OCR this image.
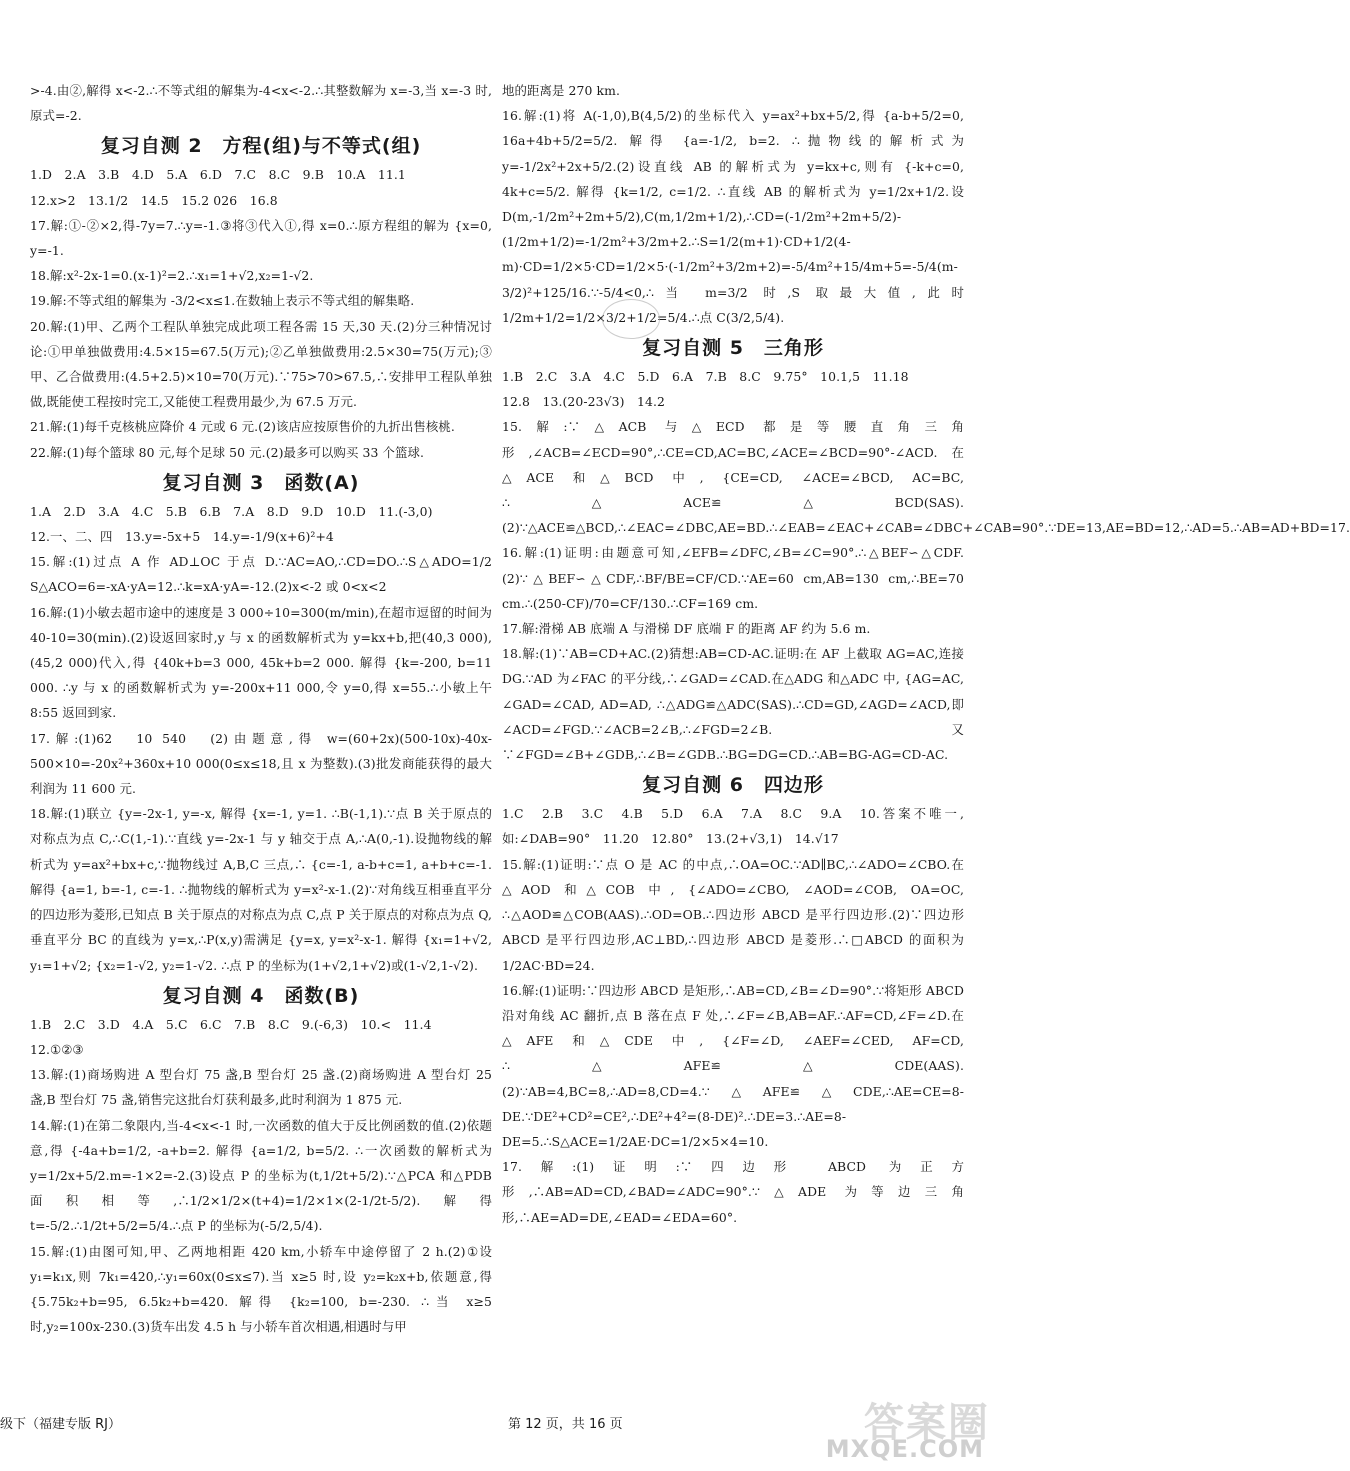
>-4.由②,解得 x<-2.∴不等式组的解集为-4<x<-2.∴其整数解为 x=-3,当 x=-3 时,原式=-2.

复习自测 2　方程(组)与不等式(组)

1.D　2.A　3.B　4.D　5.A　6.D　7.C　8.C　9.B　10.A　11.1

12.x>2　13.1/2　14.5　15.2 026　16.8

17.解:①-②×2,得-7y=7.∴y=-1.③将③代入①,得 x=0.∴原方程组的解为 {x=0, y=-1.

18.解:x²-2x-1=0.(x-1)²=2.∴x₁=1+√2,x₂=1-√2.

19.解:不等式组的解集为 -3/2<x≤1.在数轴上表示不等式组的解集略.

20.解:(1)甲、乙两个工程队单独完成此项工程各需 15 天,30 天.(2)分三种情况讨论:①甲单独做费用:4.5×15=67.5(万元);②乙单独做费用:2.5×30=75(万元);③甲、乙合做费用:(4.5+2.5)×10=70(万元).∵75>70>67.5,∴安排甲工程队单独做,既能使工程按时完工,又能使工程费用最少,为 67.5 万元.

21.解:(1)每千克核桃应降价 4 元或 6 元.(2)该店应按原售价的九折出售核桃.

22.解:(1)每个篮球 80 元,每个足球 50 元.(2)最多可以购买 33 个篮球.

复习自测 3　函数(A)

1.A　2.D　3.A　4.C　5.B　6.B　7.A　8.D　9.D　10.D　11.(-3,0)

12.一、二、四　13.y=-5x+5　14.y=-1/9(x+6)²+4

15.解:(1)过点 A 作 AD⊥OC 于点 D.∵AC=AO,∴CD=DO.∴S△ADO=1/2 S△ACO=6=-xA·yA=12.∴k=xA·yA=-12.(2)x<-2 或 0<x<2

16.解:(1)小敏去超市途中的速度是 3 000÷10=300(m/min),在超市逗留的时间为 40-10=30(min).(2)设返回家时,y 与 x 的函数解析式为 y=kx+b,把(40,3 000),(45,2 000)代入,得 {40k+b=3 000, 45k+b=2 000. 解得 {k=-200, b=11 000. ∴y 与 x 的函数解析式为 y=-200x+11 000,令 y=0,得 x=55.∴小敏上午 8:55 返回到家.

17.解:(1)62　10 540　(2)由题意,得 w=(60+2x)(500-10x)-40x-500×10=-20x²+360x+10 000(0≤x≤18,且 x 为整数).(3)批发商能获得的最大利润为 11 600 元.

18.解:(1)联立 {y=-2x-1, y=-x, 解得 {x=-1, y=1. ∴B(-1,1).∵点 B 关于原点的对称点为点 C,∴C(1,-1).∵直线 y=-2x-1 与 y 轴交于点 A,∴A(0,-1).设抛物线的解析式为 y=ax²+bx+c,∵抛物线过 A,B,C 三点,∴ {c=-1, a-b+c=1, a+b+c=-1. 解得 {a=1, b=-1, c=-1. ∴抛物线的解析式为 y=x²-x-1.(2)∵对角线互相垂直平分的四边形为菱形,已知点 B 关于原点的对称点为点 C,点 P 关于原点的对称点为点 Q,垂直平分 BC 的直线为 y=x,∴P(x,y)需满足 {y=x, y=x²-x-1. 解得 {x₁=1+√2, y₁=1+√2; {x₂=1-√2, y₂=1-√2. ∴点 P 的坐标为(1+√2,1+√2)或(1-√2,1-√2).

复习自测 4　函数(B)

1.B　2.C　3.D　4.A　5.C　6.C　7.B　8.C　9.(-6,3)　10.<　11.4

12.①②③

13.解:(1)商场购进 A 型台灯 75 盏,B 型台灯 25 盏.(2)商场购进 A 型台灯 25 盏,B 型台灯 75 盏,销售完这批台灯获利最多,此时利润为 1 875 元.

14.解:(1)在第二象限内,当-4<x<-1 时,一次函数的值大于反比例函数的值.(2)依题意,得 {-4a+b=1/2, -a+b=2. 解得 {a=1/2, b=5/2. ∴一次函数的解析式为 y=1/2x+5/2.m=-1×2=-2.(3)设点 P 的坐标为(t,1/2t+5/2).∵△PCA 和△PDB 面积相等,∴1/2×1/2×(t+4)=1/2×1×(2-1/2t-5/2).解得 t=-5/2.∴1/2t+5/2=5/4.∴点 P 的坐标为(-5/2,5/4).

15.解:(1)由图可知,甲、乙两地相距 420 km,小轿车中途停留了 2 h.(2)①设 y₁=k₁x,则 7k₁=420,∴y₁=60x(0≤x≤7).当 x≥5 时,设 y₂=k₂x+b,依题意,得 {5.75k₂+b=95, 6.5k₂+b=420. 解得 {k₂=100, b=-230. ∴当 x≥5 时,y₂=100x-230.(3)货车出发 4.5 h 与小轿车首次相遇,相遇时与甲

地的距离是 270 km.

16.解:(1)将 A(-1,0),B(4,5/2)的坐标代入 y=ax²+bx+5/2,得 {a-b+5/2=0, 16a+4b+5/2=5/2. 解得 {a=-1/2, b=2. ∴抛物线的解析式为 y=-1/2x²+2x+5/2.(2)设直线 AB 的解析式为 y=kx+c,则有 {-k+c=0, 4k+c=5/2. 解得 {k=1/2, c=1/2. ∴直线 AB 的解析式为 y=1/2x+1/2.设 D(m,-1/2m²+2m+5/2),C(m,1/2m+1/2),∴CD=(-1/2m²+2m+5/2)-(1/2m+1/2)=-1/2m²+3/2m+2.∴S=1/2(m+1)·CD+1/2(4-m)·CD=1/2×5·CD=1/2×5·(-1/2m²+3/2m+2)=-5/4m²+15/4m+5=-5/4(m-3/2)²+125/16.∵-5/4<0,∴当 m=3/2 时,S 取最大值,此时 1/2m+1/2=1/2×3/2+1/2=5/4.∴点 C(3/2,5/4).

复习自测 5　三角形

1.B　2.C　3.A　4.C　5.D　6.A　7.B　8.C　9.75°　10.1,5　11.18

12.8　13.(20-23√3)　14.2

15.解:∵△ACB 与△ECD 都是等腰直角三角形,∠ACB=∠ECD=90°,∴CE=CD,AC=BC,∠ACE=∠BCD=90°-∠ACD.在△ACE 和△BCD 中, {CE=CD, ∠ACE=∠BCD, AC=BC, ∴△ACE≌△BCD(SAS).(2)∵△ACE≌△BCD,∴∠EAC=∠DBC,AE=BD.∴∠EAB=∠EAC+∠CAB=∠DBC+∠CAB=90°.∵DE=13,AE=BD=12,∴AD=5.∴AB=AD+BD=17.

16.解:(1)证明:由题意可知,∠EFB=∠DFC,∠B=∠C=90°.∴△BEF∽△CDF.(2)∵△BEF∽△CDF,∴BF/BE=CF/CD.∵AE=60 cm,AB=130 cm,∴BE=70 cm.∴(250-CF)/70=CF/130.∴CF=169 cm.

17.解:滑梯 AB 底端 A 与滑梯 DF 底端 F 的距离 AF 约为 5.6 m.

18.解:(1)∵AB=CD+AC.(2)猜想:AB=CD-AC.证明:在 AF 上截取 AG=AC,连接 DG.∵AD 为∠FAC 的平分线,∴∠GAD=∠CAD.在△ADG 和△ADC 中, {AG=AC, ∠GAD=∠CAD, AD=AD, ∴△ADG≌△ADC(SAS).∴CD=GD,∠AGD=∠ACD,即∠ACD=∠FGD.∵∠ACB=2∠B,∴∠FGD=2∠B.又∵∠FGD=∠B+∠GDB,∴∠B=∠GDB.∴BG=DG=CD.∴AB=BG-AG=CD-AC.

复习自测 6　四边形

1.C　2.B　3.C　4.B　5.D　6.A　7.A　8.C　9.A　10.答案不唯一,如:∠DAB=90°　11.20　12.80°　13.(2+√3,1)　14.√17

15.解:(1)证明:∵点 O 是 AC 的中点,∴OA=OC.∵AD∥BC,∴∠ADO=∠CBO.在△AOD 和△COB 中, {∠ADO=∠CBO, ∠AOD=∠COB, OA=OC, ∴△AOD≌△COB(AAS).∴OD=OB.∴四边形 ABCD 是平行四边形.(2)∵四边形 ABCD 是平行四边形,AC⊥BD,∴四边形 ABCD 是菱形.∴□ABCD 的面积为 1/2AC·BD=24.

16.解:(1)证明:∵四边形 ABCD 是矩形,∴AB=CD,∠B=∠D=90°.∵将矩形 ABCD 沿对角线 AC 翻折,点 B 落在点 F 处,∴∠F=∠B,AB=AF.∴AF=CD,∠F=∠D.在△AFE 和△CDE 中, {∠F=∠D, ∠AEF=∠CED, AF=CD, ∴△AFE≌△CDE(AAS).(2)∵AB=4,BC=8,∴AD=8,CD=4.∵△AFE≌△CDE,∴AE=CE=8-DE.∵DE²+CD²=CE²,∴DE²+4²=(8-DE)².∴DE=3.∴AE=8-DE=5.∴S△ACE=1/2AE·DC=1/2×5×4=10.

17.解:(1)证明:∵四边形 ABCD 为正方形,∴AB=AD=CD,∠BAD=∠ADC=90°.∵△ADE 为等边三角形,∴AE=AD=DE,∠EAD=∠EDA=60°.

级下（福建专版 RJ）	第 12 页，共 16 页	答案圈
MXQE.COM
